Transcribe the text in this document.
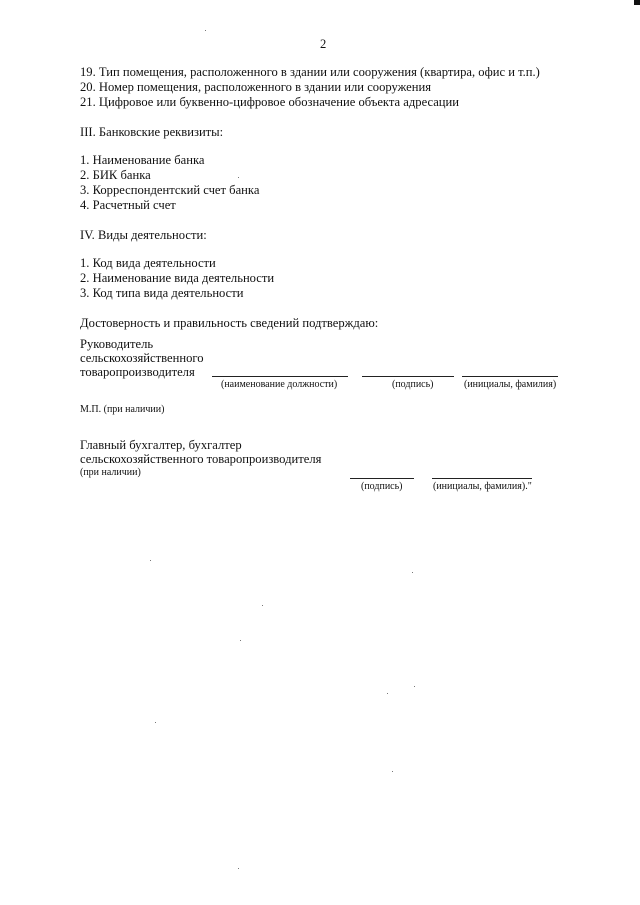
2
19. Тип помещения, расположенного в здании или сооружения (квартира, офис и т.п.)
20. Номер помещения, расположенного в здании или сооружения
21. Цифровое или буквенно-цифровое обозначение объекта адресации
III. Банковские реквизиты:
1. Наименование банка
2. БИК банка
3. Корреспондентский счет банка
4. Расчетный счет
IV. Виды деятельности:
1. Код вида деятельности
2. Наименование вида деятельности
3. Код типа вида деятельности
Достоверность и правильность сведений подтверждаю:
Руководитель
сельскохозяйственного
товаропроизводителя
(наименование должности)	(подпись)	(инициалы, фамилия)
М.П. (при наличии)
Главный бухгалтер, бухгалтер
сельскохозяйственного товаропроизводителя
(при наличии)
(подпись)	(инициалы, фамилия)."
